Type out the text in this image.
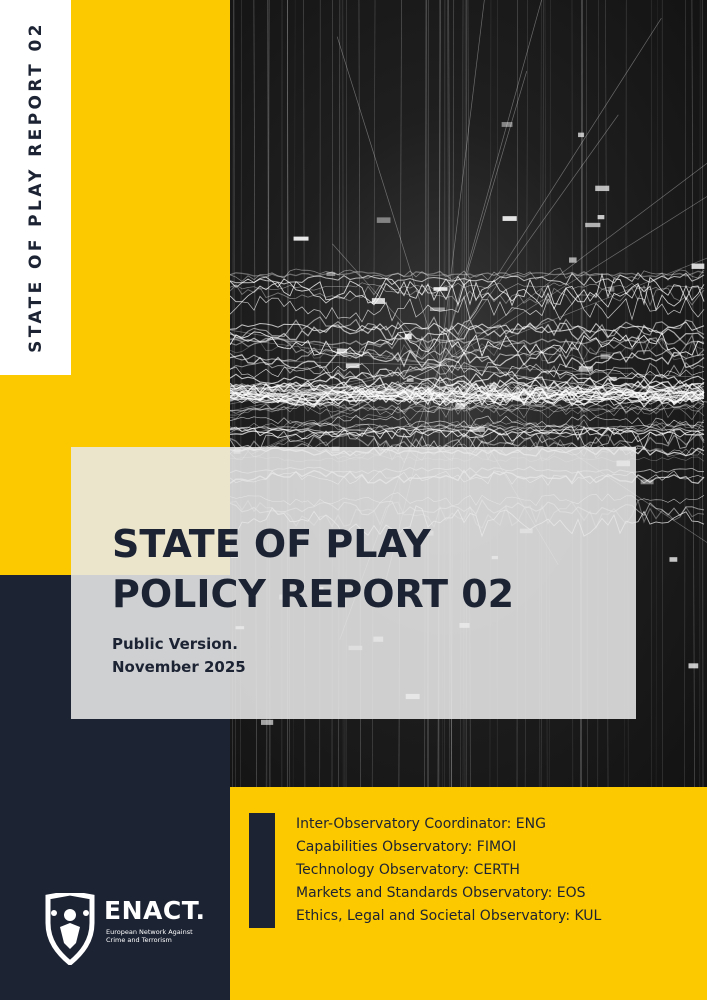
STATE OF PLAY REPORT 02
STATE OF PLAY
POLICY REPORT 02
Public Version.
November 2025
Inter-Observatory Coordinator: ENG
Capabilities Observatory: FIMOI
Technology Observatory: CERTH
Markets and Standards Observatory: EOS
Ethics, Legal and Societal Observatory: KUL
ENACT.
European Network Against
Crime and Terrorism
